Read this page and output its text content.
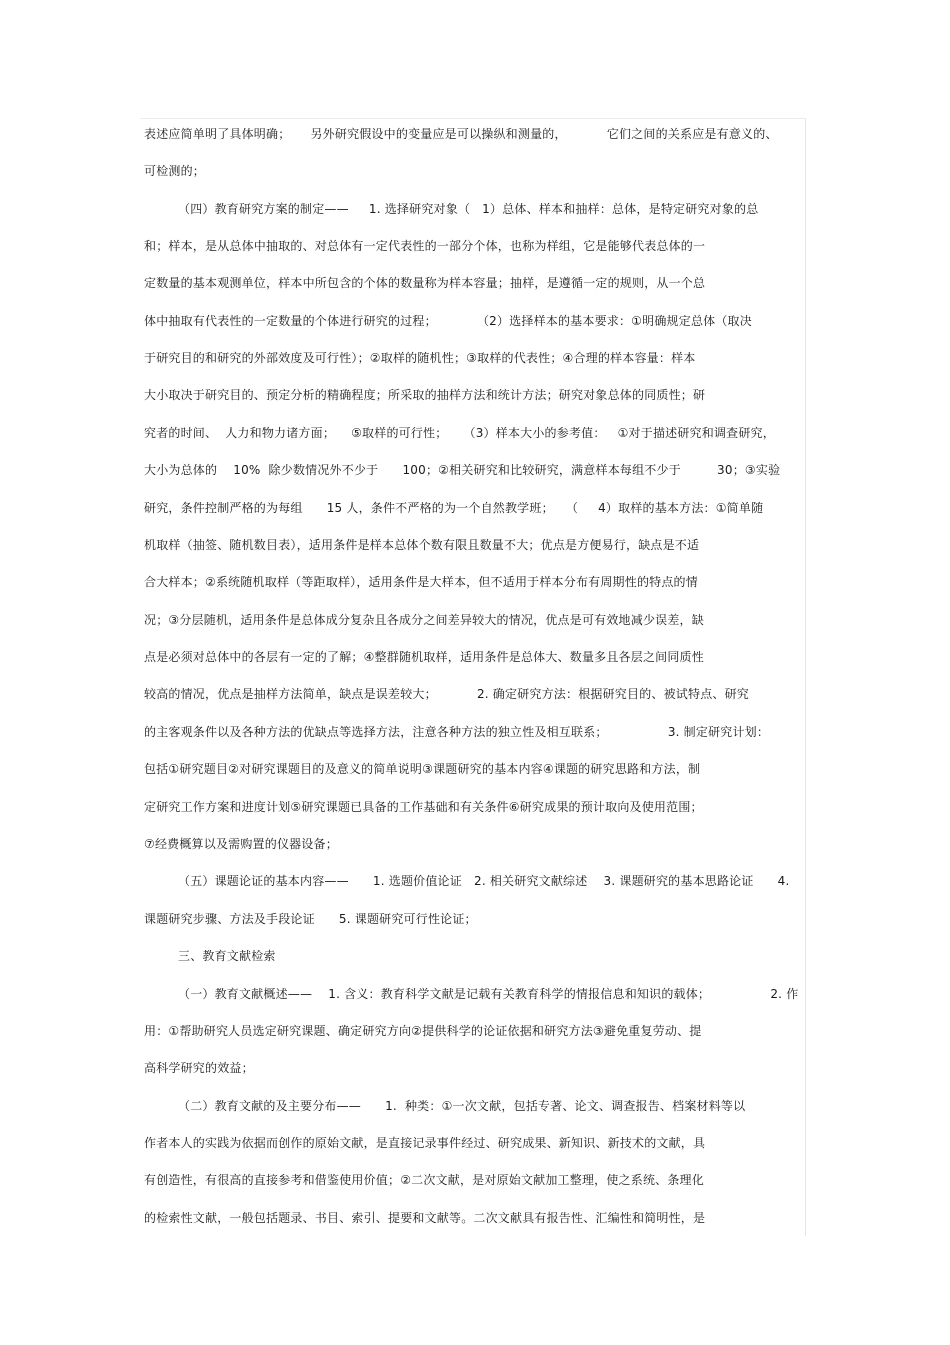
表述应简单明了具体明确；     另外研究假设中的变量应是可以操纵和测量的，          它们之间的关系应是有意义的、
可检测的；
（四）教育研究方案的制定——     1. 选择研究对象（   1）总体、样本和抽样：总体，是特定研究对象的总
和；样本，是从总体中抽取的、对总体有一定代表性的一部分个体，也称为样组，它是能够代表总体的一
定数量的基本观测单位，样本中所包含的个体的数量称为样本容量；抽样，是遵循一定的规则，从一个总
体中抽取有代表性的一定数量的个体进行研究的过程；          （2）选择样本的基本要求：①明确规定总体（取决
于研究目的和研究的外部效度及可行性）；②取样的随机性；③取样的代表性；④合理的样本容量：样本
大小取决于研究目的、预定分析的精确程度；所采取的抽样方法和统计方法；研究对象总体的同质性；研
究者的时间、  人力和物力诸方面；    ⑤取样的可行性；    （3）样本大小的参考值：   ①对于描述研究和调查研究，
大小为总体的    10%  除少数情况外不少于      100；②相关研究和比较研究，满意样本每组不少于         30；③实验
研究，条件控制严格的为每组      15 人，条件不严格的为一个自然教学班；   （     4）取样的基本方法：①简单随
机取样（抽签、随机数目表），适用条件是样本总体个数有限且数量不大；优点是方便易行，缺点是不适
合大样本；②系统随机取样（等距取样），适用条件是大样本，但不适用于样本分布有周期性的特点的情
况；③分层随机，适用条件是总体成分复杂且各成分之间差异较大的情况，优点是可有效地减少误差，缺
点是必须对总体中的各层有一定的了解；④整群随机取样，适用条件是总体大、数量多且各层之间同质性
较高的情况，优点是抽样方法简单，缺点是误差较大；          2. 确定研究方法：根据研究目的、被试特点、研究
的主客观条件以及各种方法的优缺点等选择方法，注意各种方法的独立性及相互联系；               3. 制定研究计划：
包括①研究题目②对研究课题目的及意义的简单说明③课题研究的基本内容④课题的研究思路和方法，制
定研究工作方案和进度计划⑤研究课题已具备的工作基础和有关条件⑥研究成果的预计取向及使用范围；
⑦经费概算以及需购置的仪器设备；
（五）课题论证的基本内容——      1. 选题价值论证   2. 相关研究文献综述    3. 课题研究的基本思路论证      4.
课题研究步骤、方法及手段论证      5. 课题研究可行性论证；
三、教育文献检索
（一）教育文献概述——    1. 含义：教育科学文献是记载有关教育科学的情报信息和知识的载体；               2. 作
用：①帮助研究人员选定研究课题、确定研究方向②提供科学的论证依据和研究方法③避免重复劳动、提
高科学研究的效益；
（二）教育文献的及主要分布——      1.  种类：①一次文献，包括专著、论文、调查报告、档案材料等以
作者本人的实践为依据而创作的原始文献，是直接记录事件经过、研究成果、新知识、新技术的文献，具
有创造性，有很高的直接参考和借鉴使用价值；②二次文献，是对原始文献加工整理，使之系统、条理化
的检索性文献，一般包括题录、书目、索引、提要和文献等。二次文献具有报告性、汇编性和简明性，是
